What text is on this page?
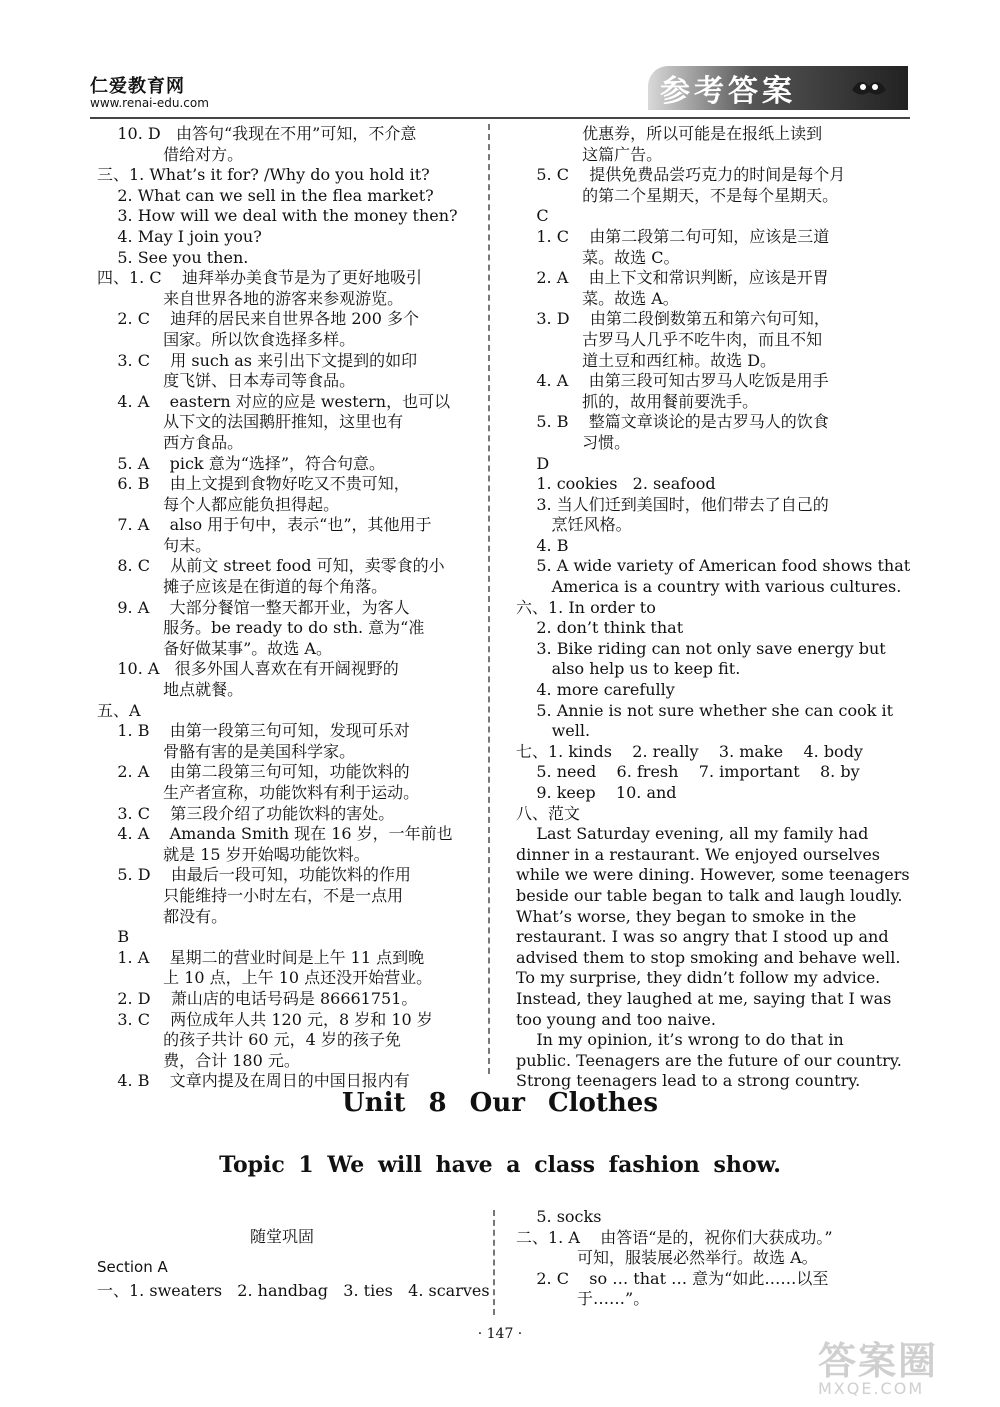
仁爱教育网
www.renai-edu.com	参考答案
10. D   由答句“我现在不用”可知，不介意
借给对方。
三、1. What’s it for? /Why do you hold it?
2. What can we sell in the flea market?
3. How will we deal with the money then?
4. May I join you?
5. See you then.
四、1. C    迪拜举办美食节是为了更好地吸引
来自世界各地的游客来参观游览。
2. C    迪拜的居民来自世界各地 200 多个
国家。所以饮食选择多样。
3. C    用 such as 来引出下文提到的如印
度飞饼、日本寿司等食品。
4. A    eastern 对应的应是 western，也可以
从下文的法国鹅肝推知，这里也有
西方食品。
5. A    pick 意为“选择”，符合句意。
6. B    由上文提到食物好吃又不贵可知，
每个人都应能负担得起。
7. A    also 用于句中，表示“也”，其他用于
句末。
8. C    从前文 street food 可知，卖零食的小
摊子应该是在街道的每个角落。
9. A    大部分餐馆一整天都开业，为客人
服务。be ready to do sth. 意为“准
备好做某事”。故选 A。
10. A   很多外国人喜欢在有开阔视野的
地点就餐。
五、A
1. B    由第一段第三句可知，发现可乐对
骨骼有害的是美国科学家。
2. A    由第二段第三句可知，功能饮料的
生产者宣称，功能饮料有利于运动。
3. C    第三段介绍了功能饮料的害处。
4. A    Amanda Smith 现在 16 岁，一年前也
就是 15 岁开始喝功能饮料。
5. D    由最后一段可知，功能饮料的作用
只能维持一小时左右，不是一点用
都没有。
B
1. A    星期二的营业时间是上午 11 点到晚
上 10 点，上午 10 点还没开始营业。
2. D    萧山店的电话号码是 86661751。
3. C    两位成年人共 120 元，8 岁和 10 岁
的孩子共计 60 元，4 岁的孩子免
费，合计 180 元。
4. B    文章内提及在周日的中国日报内有
优惠券，所以可能是在报纸上读到
这篇广告。
5. C    提供免费品尝巧克力的时间是每个月
的第二个星期天，不是每个星期天。
C
1. C    由第二段第二句可知，应该是三道
菜。故选 C。
2. A    由上下文和常识判断，应该是开胃
菜。故选 A。
3. D    由第二段倒数第五和第六句可知，
古罗马人几乎不吃牛肉，而且不知
道土豆和西红柿。故选 D。
4. A    由第三段可知古罗马人吃饭是用手
抓的，故用餐前要洗手。
5. B    整篇文章谈论的是古罗马人的饮食
习惯。
D
1. cookies   2. seafood
3. 当人们迁到美国时，他们带去了自己的
烹饪风格。
4. B
5. A wide variety of American food shows that
America is a country with various cultures.
六、1. In order to
2. don’t think that
3. Bike riding can not only save energy but
also help us to keep fit.
4. more carefully
5. Annie is not sure whether she can cook it
well.
七、1. kinds    2. really    3. make    4. body
5. need    6. fresh    7. important    8. by
9. keep    10. and
八、范文
Last Saturday evening, all my family had
dinner in a restaurant. We enjoyed ourselves
while we were dining. However, some teenagers
beside our table began to talk and laugh loudly.
What’s worse, they began to smoke in the
restaurant. I was so angry that I stood up and
advised them to stop smoking and behave well.
To my surprise, they didn’t follow my advice.
Instead, they laughed at me, saying that I was
too young and too naive.
In my opinion, it’s wrong to do that in
public. Teenagers are the future of our country.
Strong teenagers lead to a strong country.
Unit 8 Our Clothes
Topic 1 We will have a class fashion show.
随堂巩固
Section A
一、1. sweaters   2. handbag   3. ties   4. scarves
5. socks
二、1. A    由答语“是的，祝你们大获成功。”
可知，服装展必然举行。故选 A。
2. C    so … that … 意为“如此……以至
于……”。
· 147 ·
答案圈
MXQE.COM
